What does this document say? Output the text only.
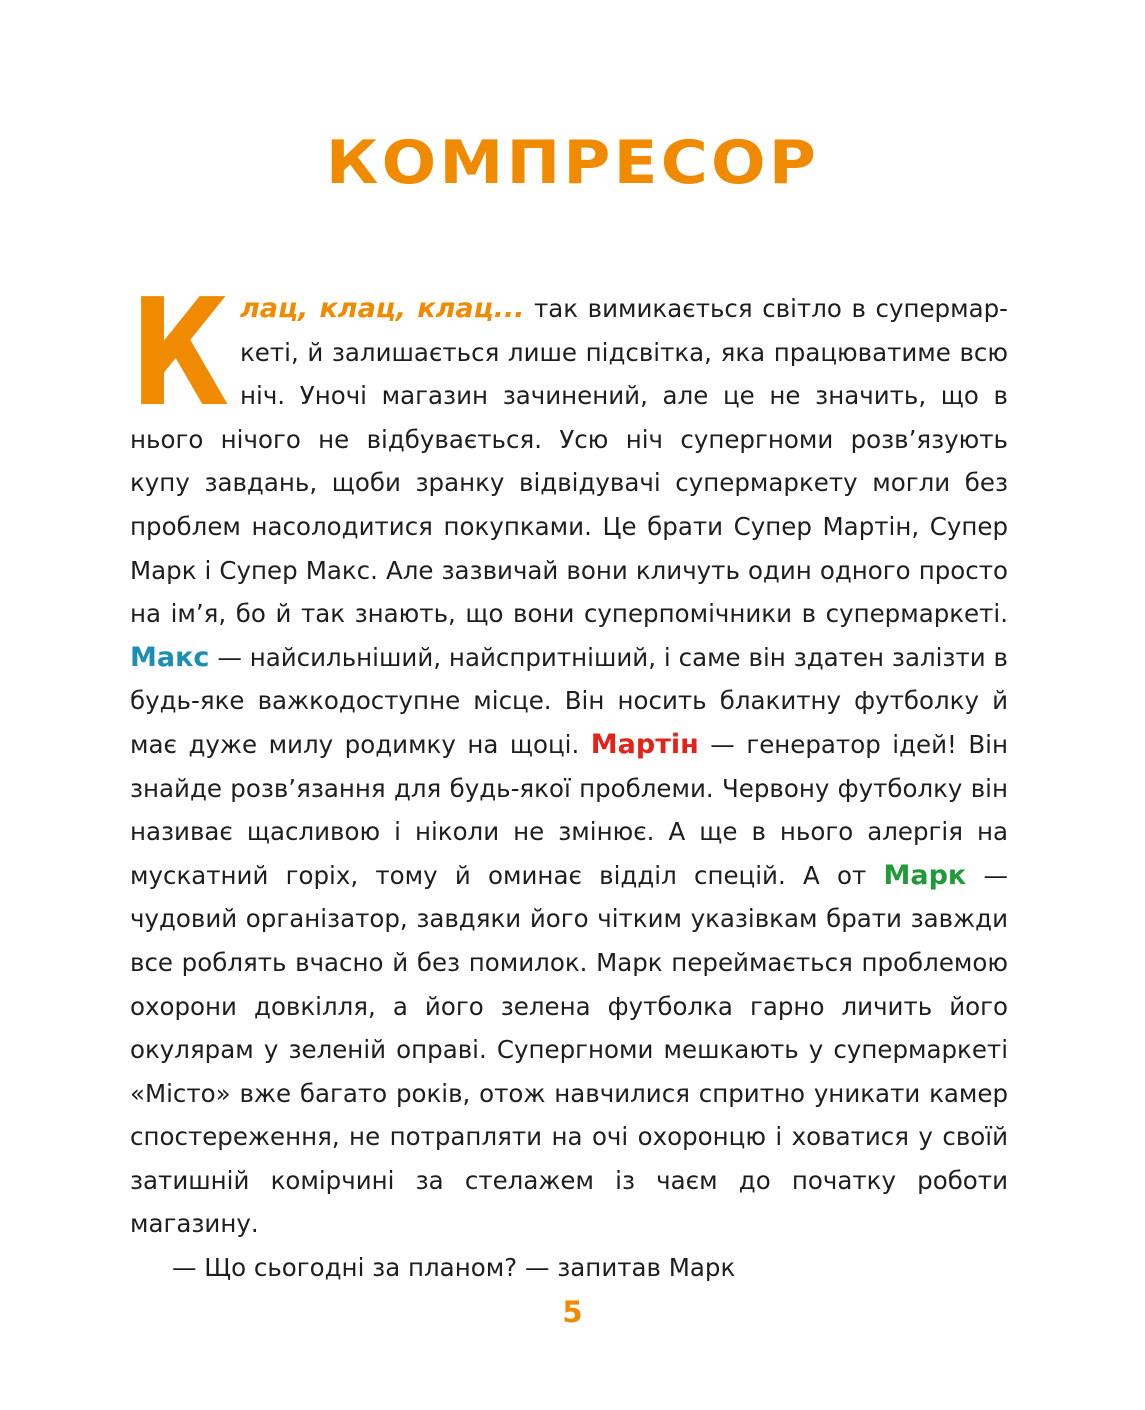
КОМПРЕСОР

Клац, клац, клац... так вимикається світло в супермаркеті, й залишається лише підсвітка, яка працюватиме всю ніч. Уночі магазин зачинений, але це не значить, що в нього нічого не відбувається. Усю ніч супергноми розв’язують купу завдань, щоби зранку відвідувачі супермаркету могли без проблем насолодитися покупками. Це брати Супер Мартін, Супер Марк і Супер Макс. Але зазвичай вони кличуть один одного просто на ім’я, бо й так знають, що вони суперпомічники в супермаркеті. Макс — найсильніший, найспритніший, і саме він здатен залізти в будь-яке важкодоступне місце. Він носить блакитну футболку й має дуже милу родимку на щоці. Мартін — генератор ідей! Він знайде розв’язання для будь-якої проблеми. Червону футболку він називає щасливою і ніколи не змінює. А ще в нього алергія на мускатний горіх, тому й оминає відділ спецій. А от Марк — чудовий організатор, завдяки його чітким указівкам брати завжди все роблять вчасно й без помилок. Марк переймається проблемою охорони довкілля, а його зелена футболка гарно личить його окулярам у зеленій оправі. Супергноми мешкають у супермаркеті «Місто» вже багато років, отож навчилися спритно уникати камер спостереження, не потрапляти на очі охоронцю і ховатися у своїй затишній комірчині за стелажем із чаєм до початку роботи магазину.

— Що сьогодні за планом? — запитав Марк

5
